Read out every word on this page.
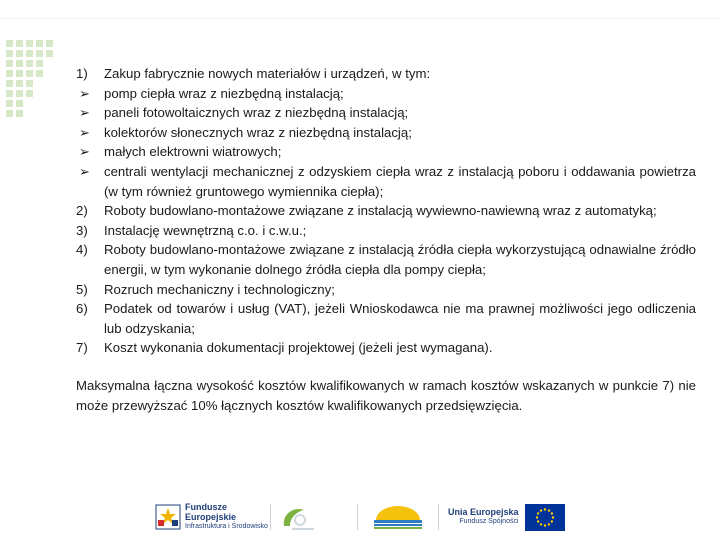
1) Zakup fabrycznie nowych materiałów i urządzeń, w tym:
➢ pomp ciepła wraz z niezbędną instalacją;
➢ paneli fotowoltaicznych wraz z niezbędną instalacją;
➢ kolektorów słonecznych wraz z niezbędną instalacją;
➢ małych elektrowni wiatrowych;
➢ centrali wentylacji mechanicznej z odzyskiem ciepła wraz z instalacją poboru i oddawania powietrza (w tym również gruntowego wymiennika ciepła);
2) Roboty budowlano-montażowe związane z instalacją wywiewno-nawiewną wraz z automatyką;
3) Instalację wewnętrzną c.o. i c.w.u.;
4) Roboty budowlano-montażowe związane z instalacją źródła ciepła wykorzystującą odnawialne źródło energii, w tym wykonanie dolnego źródła ciepła dla pompy ciepła;
5) Rozruch mechaniczny i technologiczny;
6) Podatek od towarów i usług (VAT), jeżeli Wnioskodawca nie ma prawnej możliwości jego odliczenia lub odzyskania;
7) Koszt wykonania dokumentacji projektowej (jeżeli jest wymagana).
Maksymalna łączna wysokość kosztów kwalifikowanych w ramach kosztów wskazanych w punkcie 7) nie może przewyższać 10% łącznych kosztów kwalifikowanych przedsięwzięcia.
Fundusze
Europejskie
Infrastruktura i Środowisko
Unia Europejska
Fundusz Spójności
